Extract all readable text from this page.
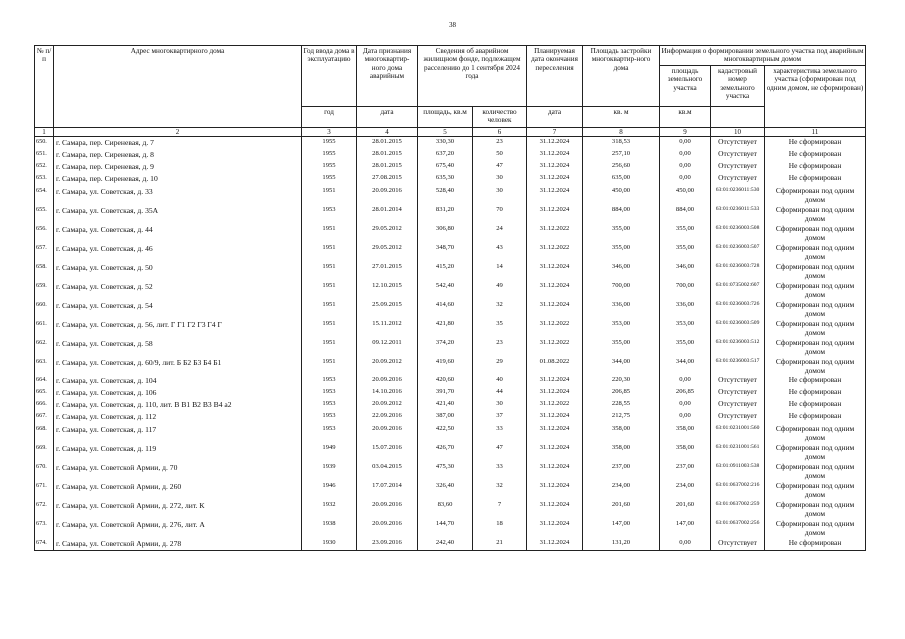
38
№ п/п	Адрес многоквартирного дома	Год ввода дома в эксплуатацию	Дата признания многоквартир-ного дома аварийным	Сведения об аварийном жилищном фонде, подлежащем расселению до 1 сентября 2024 года		Планируемая дата окончания переселения	Площадь застройки многоквартир-ного дома	Информация о формировании земельного участка под аварийным многоквартирным домом		
								площадь земельного участка	кадастровый номер земельного участка	характеристика земельного участка (сформирован под одним домом, не сформирован)
		год	дата	площадь, кв.м	количество человек	дата	кв. м	кв.м		
1	2	3	4	5	6	7	8	9	10	11
650.	г. Самара, пер. Сиреневая, д. 7	1955	28.01.2015	330,30	23	31.12.2024	318,53	0,00	Отсутствует	Не сформирован
651.	г. Самара, пер. Сиреневая, д. 8	1955	28.01.2015	637,20	50	31.12.2024	257,10	0,00	Отсутствует	Не сформирован
652.	г. Самара, пер. Сиреневая, д. 9	1955	28.01.2015	675,40	47	31.12.2024	256,60	0,00	Отсутствует	Не сформирован
653.	г. Самара, пер. Сиреневая, д. 10	1955	27.08.2015	635,30	30	31.12.2024	635,00	0,00	Отсутствует	Не сформирован
654.	г. Самара, ул. Советская, д. 33	1951	20.09.2016	528,40	30	31.12.2024	450,00	450,00	63:01:0236011:530	Сформирован под одним домом
655.	г. Самара, ул. Советская, д. 35А	1953	28.01.2014	831,20	70	31.12.2024	884,00	884,00	63:01:0236011:533	Сформирован под одним домом
656.	г. Самара, ул. Советская, д. 44	1951	29.05.2012	306,80	24	31.12.2022	355,00	355,00	63:01:0236003:508	Сформирован под одним домом
657.	г. Самара, ул. Советская, д. 46	1951	29.05.2012	348,70	43	31.12.2022	355,00	355,00	63:01:0236003:507	Сформирован под одним домом
658.	г. Самара, ул. Советская, д. 50	1951	27.01.2015	415,20	14	31.12.2024	346,00	346,00	63:01:0236003:728	Сформирован под одним домом
659.	г. Самара, ул. Советская, д. 52	1951	12.10.2015	542,40	49	31.12.2024	700,00	700,00	63:01:0735002:607	Сформирован под одним домом
660.	г. Самара, ул. Советская, д. 54	1951	25.09.2015	414,60	32	31.12.2024	336,00	336,00	63:01:0236003:726	Сформирован под одним домом
661.	г. Самара, ул. Советская, д. 56, лит. Г Г1 Г2 Г3 Г4 Г	1951	15.11.2012	421,80	35	31.12.2022	353,00	353,00	63:01:0236003:509	Сформирован под одним домом
662.	г. Самара, ул. Советская, д. 58	1951	09.12.2011	374,20	23	31.12.2022	355,00	355,00	63:01:0236003:512	Сформирован под одним домом
663.	г. Самара, ул. Советская, д. 60/9, лит. Б Б2 Б3 Б4 Б1	1951	20.09.2012	419,60	29	01.08.2022	344,00	344,00	63:01:0236003:517	Сформирован под одним домом
664.	г. Самара, ул. Советская, д. 104	1953	20.09.2016	420,60	40	31.12.2024	220,30	0,00	Отсутствует	Не сформирован
665.	г. Самара, ул. Советская, д. 106	1953	14.10.2016	391,70	44	31.12.2024	206,85	206,85	Отсутствует	Не сформирован
666.	г. Самара, ул. Советская, д. 110, лит. В В1 В2 В3 В4 а2	1953	20.09.2012	421,40	30	31.12.2022	228,55	0,00	Отсутствует	Не сформирован
667.	г. Самара, ул. Советская, д. 112	1953	22.09.2016	387,00	37	31.12.2024	212,75	0,00	Отсутствует	Не сформирован
668.	г. Самара, ул. Советская, д. 117	1953	20.09.2016	422,50	33	31.12.2024	358,00	358,00	63:01:0231001:560	Сформирован под одним домом
669.	г. Самара, ул. Советская, д. 119	1949	15.07.2016	426,70	47	31.12.2024	358,00	358,00	63:01:0231001:561	Сформирован под одним домом
670.	г. Самара, ул. Советской Армии, д. 70	1939	03.04.2015	475,30	33	31.12.2024	237,00	237,00	63:01:0911003:538	Сформирован под одним домом
671.	г. Самара, ул. Советской Армии, д. 260	1946	17.07.2014	326,40	32	31.12.2024	234,00	234,00	63:01:0637002:216	Сформирован под одним домом
672.	г. Самара, ул. Советской Армии, д. 272, лит. К	1932	20.09.2016	83,60	7	31.12.2024	201,60	201,60	63:01:0637002:259	Сформирован под одним домом
673.	г. Самара, ул. Советской Армии, д. 276, лит. А	1938	20.09.2016	144,70	18	31.12.2024	147,00	147,00	63:01:0637002:256	Сформирован под одним домом
674.	г. Самара, ул. Советской Армии, д. 278	1930	23.09.2016	242,40	21	31.12.2024	131,20	0,00	Отсутствует	Не сформирован
